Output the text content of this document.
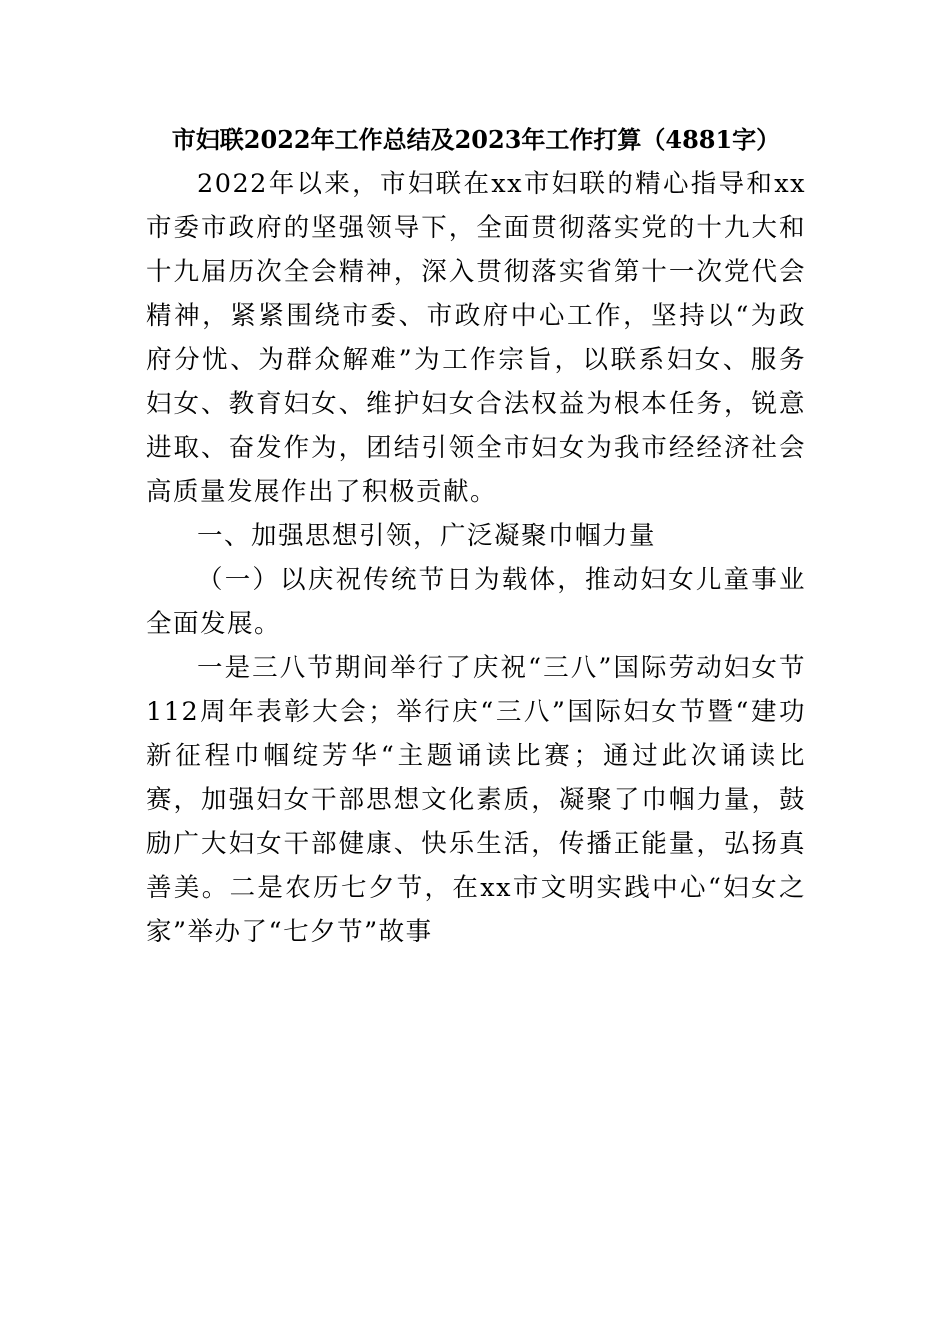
市妇联2022年工作总结及2023年工作打算（4881字）

2022年以来，市妇联在xx市妇联的精心指导和xx市委市政府的坚强领导下，全面贯彻落实党的十九大和十九届历次全会精神，深入贯彻落实省第十一次党代会精神，紧紧围绕市委、市政府中心工作，坚持以“为政府分忧、为群众解难”为工作宗旨，以联系妇女、服务妇女、教育妇女、维护妇女合法权益为根本任务，锐意进取、奋发作为，团结引领全市妇女为我市经经济社会高质量发展作出了积极贡献。

一、加强思想引领，广泛凝聚巾帼力量

（一）以庆祝传统节日为载体，推动妇女儿童事业全面发展。

一是三八节期间举行了庆祝“三八”国际劳动妇女节112周年表彰大会；举行庆“三八”国际妇女节暨“建功新征程巾帼绽芳华“主题诵读比赛；通过此次诵读比赛，加强妇女干部思想文化素质，凝聚了巾帼力量，鼓励广大妇女干部健康、快乐生活，传播正能量，弘扬真善美。二是农历七夕节，在xx市文明实践中心“妇女之家”举办了“七夕节”故事
